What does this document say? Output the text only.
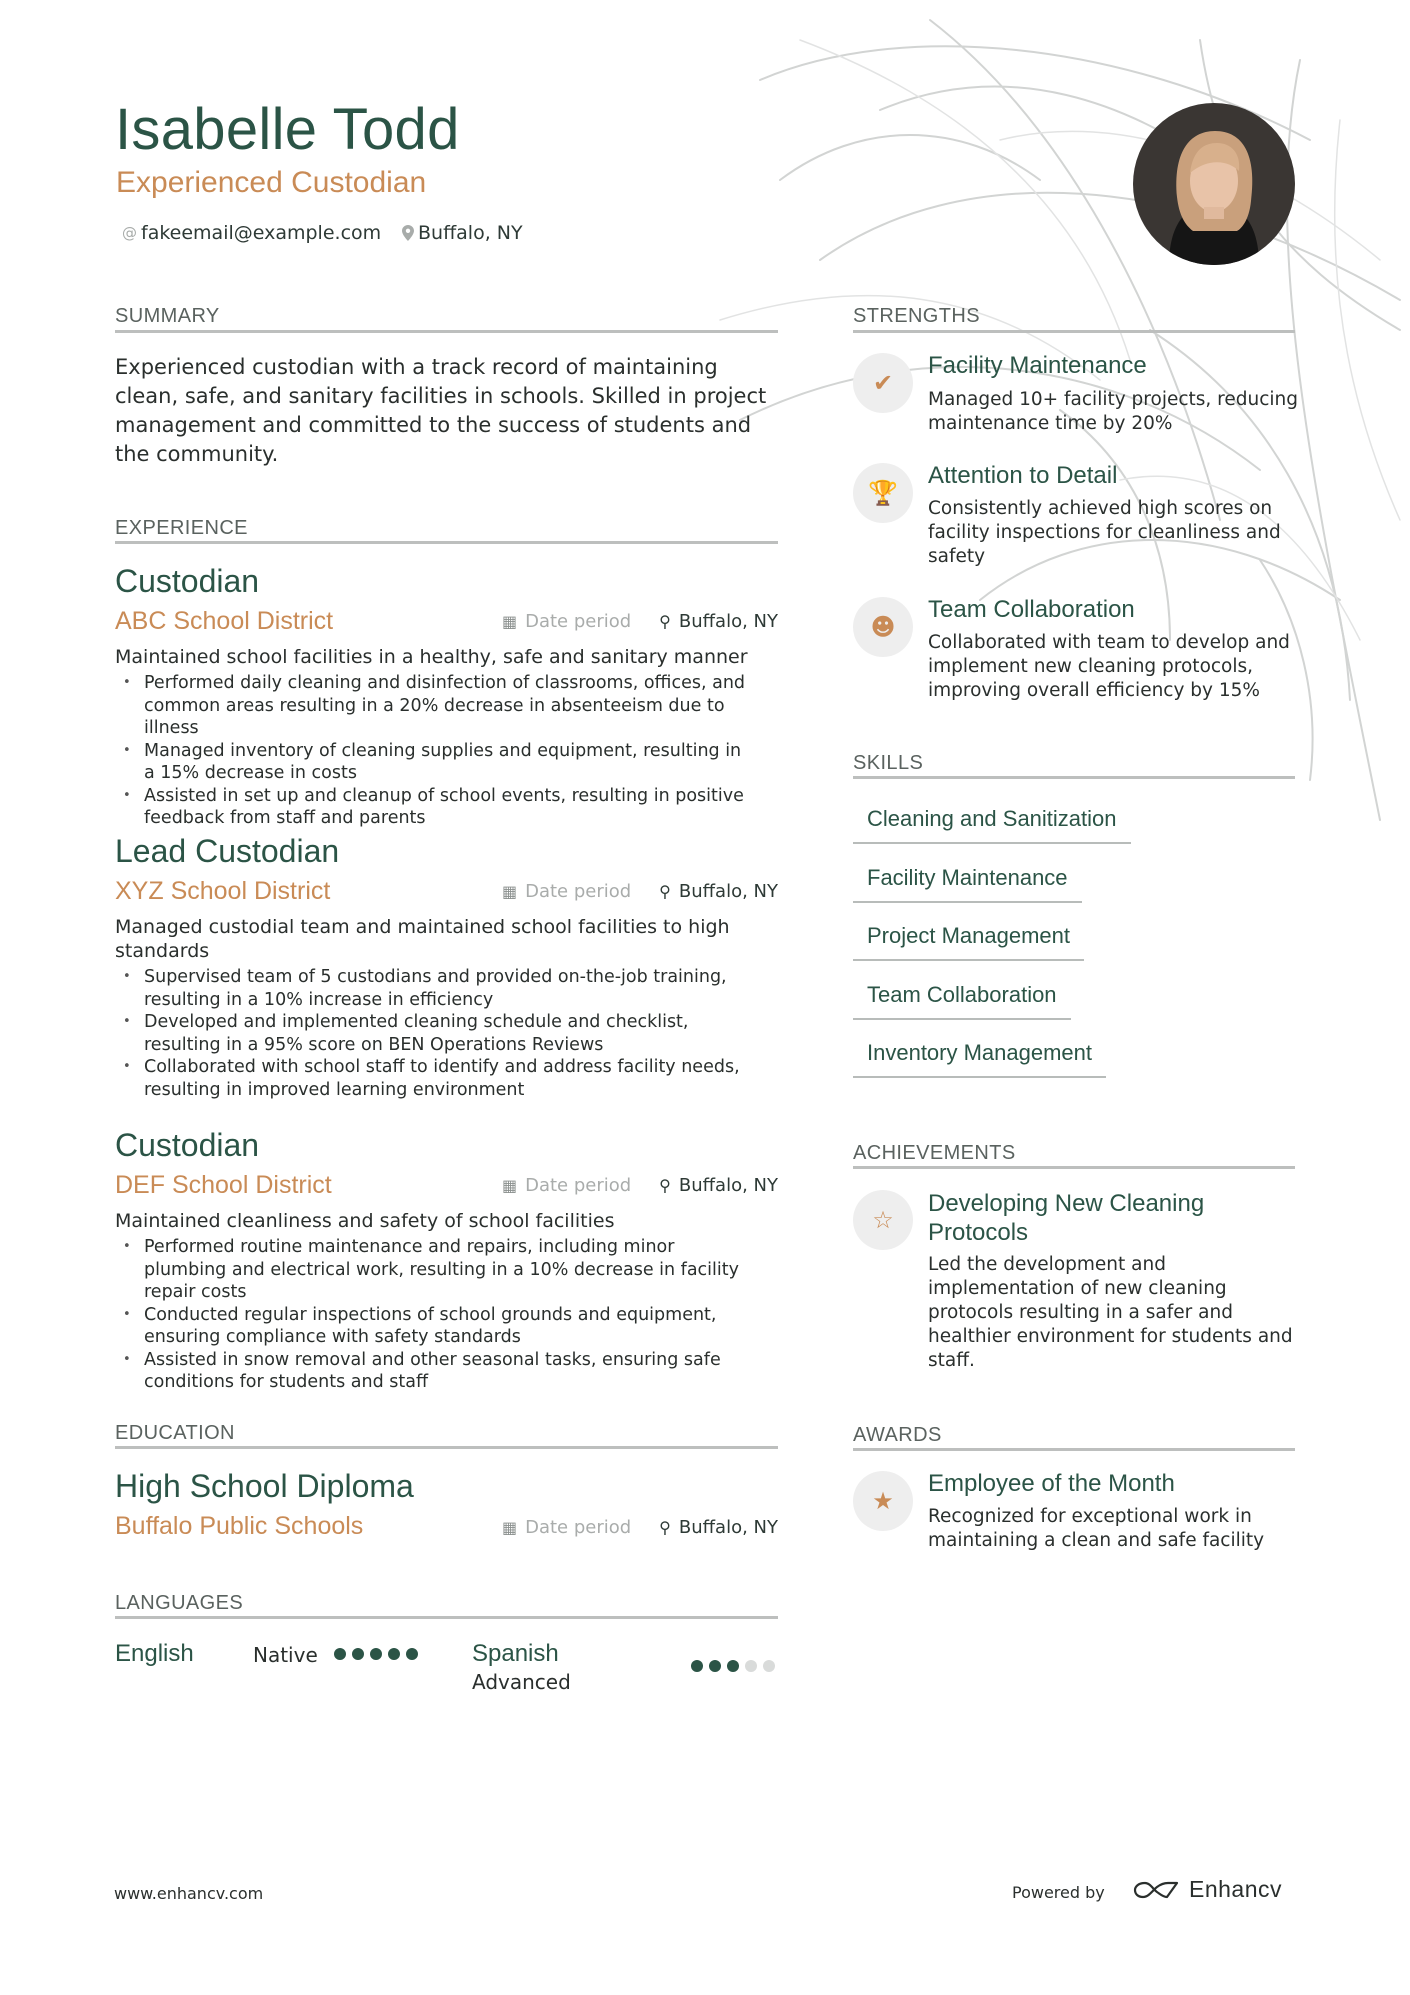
Isabelle Todd
Experienced Custodian
@ fakeemail@example.com Buffalo, NY
SUMMARY
Experienced custodian with a track record of maintaining clean, safe, and sanitary facilities in schools. Skilled in project management and committed to the success of students and the community.
EXPERIENCE
Custodian
ABC School District	▦ Date period ⚲ Buffalo, NY
Maintained school facilities in a healthy, safe and sanitary manner
• Performed daily cleaning and disinfection of classrooms, offices, and common areas resulting in a 20% decrease in absenteeism due to illness
• Managed inventory of cleaning supplies and equipment, resulting in a 15% decrease in costs
• Assisted in set up and cleanup of school events, resulting in positive feedback from staff and parents
Lead Custodian
XYZ School District	▦ Date period ⚲ Buffalo, NY
Managed custodial team and maintained school facilities to high standards
• Supervised team of 5 custodians and provided on-the-job training, resulting in a 10% increase in efficiency
• Developed and implemented cleaning schedule and checklist, resulting in a 95% score on BEN Operations Reviews
• Collaborated with school staff to identify and address facility needs, resulting in improved learning environment
Custodian
DEF School District	▦ Date period ⚲ Buffalo, NY
Maintained cleanliness and safety of school facilities
• Performed routine maintenance and repairs, including minor plumbing and electrical work, resulting in a 10% decrease in facility repair costs
• Conducted regular inspections of school grounds and equipment, ensuring compliance with safety standards
• Assisted in snow removal and other seasonal tasks, ensuring safe conditions for students and staff
EDUCATION
High School Diploma
Buffalo Public Schools	▦ Date period ⚲ Buffalo, NY
LANGUAGES
English	Native	Spanish
Advanced
STRENGTHS
✔
Facility Maintenance
Managed 10+ facility projects, reducing maintenance time by 20%
🏆
Attention to Detail
Consistently achieved high scores on facility inspections for cleanliness and safety
☻
Team Collaboration
Collaborated with team to develop and implement new cleaning protocols, improving overall efficiency by 15%
SKILLS
Cleaning and Sanitization
Facility Maintenance
Project Management
Team Collaboration
Inventory Management
ACHIEVEMENTS
☆
Developing New Cleaning Protocols
Led the development and implementation of new cleaning protocols resulting in a safer and healthier environment for students and staff.
AWARDS
★
Employee of the Month
Recognized for exceptional work in maintaining a clean and safe facility
www.enhancv.com	Powered by	Enhancv
